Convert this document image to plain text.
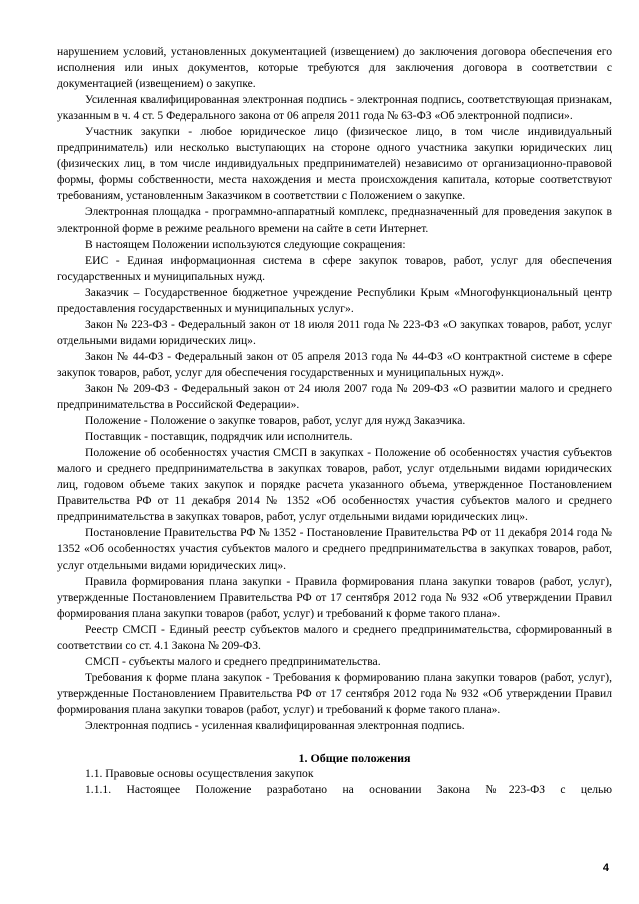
нарушением условий, установленных документацией (извещением) до заключения договора обеспечения его исполнения или иных документов, которые требуются для заключения договора в соответствии с документацией (извещением) о закупке.

Усиленная квалифицированная электронная подпись - электронная подпись, соответствующая признакам, указанным в ч. 4 ст. 5 Федерального закона от 06 апреля 2011 года № 63-ФЗ «Об электронной подписи».

Участник закупки - любое юридическое лицо (физическое лицо, в том числе индивидуальный предприниматель) или несколько выступающих на стороне одного участника закупки юридических лиц (физических лиц, в том числе индивидуальных предпринимателей) независимо от организационно-правовой формы, формы собственности, места нахождения и места происхождения капитала, которые соответствуют требованиям, установленным Заказчиком в соответствии с Положением о закупке.

Электронная площадка - программно-аппаратный комплекс, предназначенный для проведения закупок в электронной форме в режиме реального времени на сайте в сети Интернет.

В настоящем Положении используются следующие сокращения:

ЕИС - Единая информационная система в сфере закупок товаров, работ, услуг для обеспечения государственных и муниципальных нужд.

Заказчик – Государственное бюджетное учреждение Республики Крым «Многофункциональный центр предоставления государственных и муниципальных услуг».

Закон № 223-ФЗ - Федеральный закон от 18 июля 2011 года № 223-ФЗ «О закупках товаров, работ, услуг отдельными видами юридических лиц».

Закон № 44-ФЗ - Федеральный закон от 05 апреля 2013 года № 44-ФЗ «О контрактной системе в сфере закупок товаров, работ, услуг для обеспечения государственных и муниципальных нужд».

Закон № 209-ФЗ - Федеральный закон от 24 июля 2007 года № 209-ФЗ «О развитии малого и среднего предпринимательства в Российской Федерации».

Положение - Положение о закупке товаров, работ, услуг для нужд Заказчика.

Поставщик - поставщик, подрядчик или исполнитель.

Положение об особенностях участия СМСП в закупках - Положение об особенностях участия субъектов малого и среднего предпринимательства в закупках товаров, работ, услуг отдельными видами юридических лиц, годовом объеме таких закупок и порядке расчета указанного объема, утвержденное Постановлением Правительства РФ от 11 декабря 2014 № 1352 «Об особенностях участия субъектов малого и среднего предпринимательства в закупках товаров, работ, услуг отдельными видами юридических лиц».

Постановление Правительства РФ № 1352 - Постановление Правительства РФ от 11 декабря 2014 года № 1352 «Об особенностях участия субъектов малого и среднего предпринимательства в закупках товаров, работ, услуг отдельными видами юридических лиц».

Правила формирования плана закупки - Правила формирования плана закупки товаров (работ, услуг), утвержденные Постановлением Правительства РФ от 17 сентября 2012 года № 932 «Об утверждении Правил формирования плана закупки товаров (работ, услуг) и требований к форме такого плана».

Реестр СМСП - Единый реестр субъектов малого и среднего предпринимательства, сформированный в соответствии со ст. 4.1 Закона № 209-ФЗ.

СМСП - субъекты малого и среднего предпринимательства.

Требования к форме плана закупок - Требования к формированию плана закупки товаров (работ, услуг), утвержденные Постановлением Правительства РФ от 17 сентября 2012 года № 932 «Об утверждении Правил формирования плана закупки товаров (работ, услуг) и требований к форме такого плана».

Электронная подпись - усиленная квалифицированная электронная подпись.

1. Общие положения

1.1. Правовые основы осуществления закупок

1.1.1. Настоящее Положение разработано на основании Закона №223-ФЗ с целью

4
